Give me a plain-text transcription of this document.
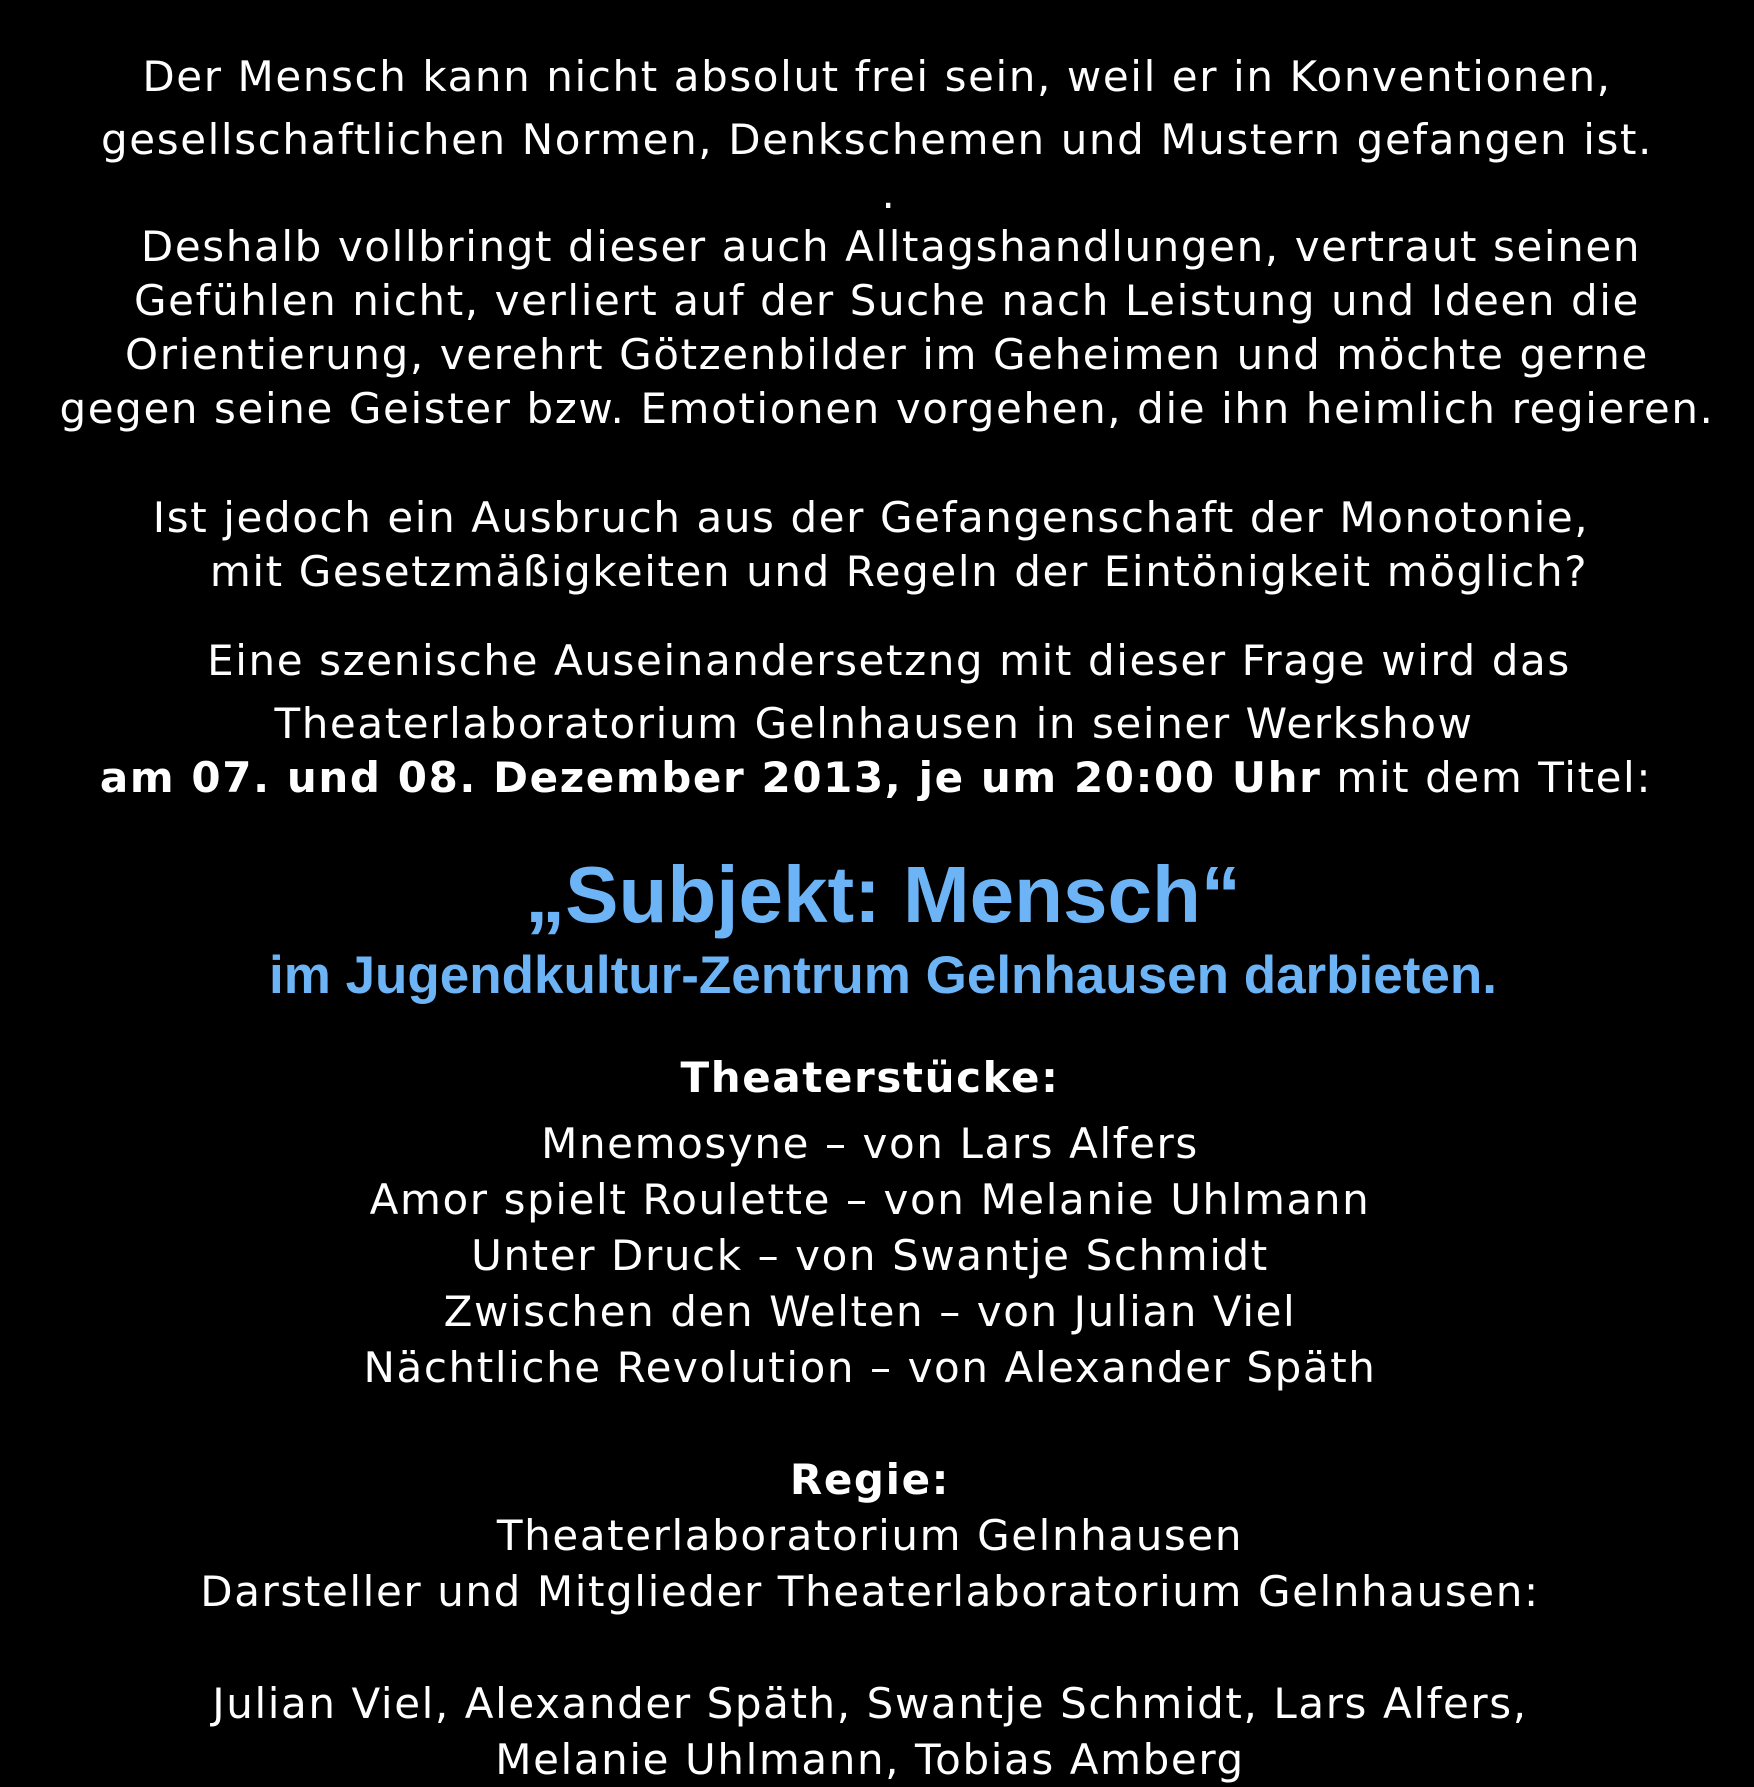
Der Mensch kann nicht absolut frei sein, weil er in Konventionen,
gesellschaftlichen Normen, Denkschemen und Mustern gefangen ist.
.
Deshalb vollbringt dieser auch Alltagshandlungen, vertraut seinen
Gefühlen nicht, verliert auf der Suche nach Leistung und Ideen die
Orientierung, verehrt Götzenbilder im Geheimen und möchte gerne
gegen seine Geister bzw. Emotionen vorgehen, die ihn heimlich regieren.
Ist jedoch ein Ausbruch aus der Gefangenschaft der Monotonie,
mit Gesetzmäßigkeiten und Regeln der Eintönigkeit möglich?
Eine szenische Auseinandersetzng mit dieser Frage wird das
Theaterlaboratorium Gelnhausen in seiner Werkshow
am 07. und 08. Dezember 2013, je um 20:00 Uhr mit dem Titel:
„Subjekt: Mensch“
im Jugendkultur-Zentrum Gelnhausen darbieten.
Theaterstücke:
Mnemosyne – von Lars Alfers
Amor spielt Roulette – von Melanie Uhlmann
Unter Druck – von Swantje Schmidt
Zwischen den Welten – von Julian Viel
Nächtliche Revolution – von Alexander Späth
Regie:
Theaterlaboratorium Gelnhausen
Darsteller und Mitglieder Theaterlaboratorium Gelnhausen:
Julian Viel, Alexander Späth, Swantje Schmidt, Lars Alfers,
Melanie Uhlmann, Tobias Amberg
